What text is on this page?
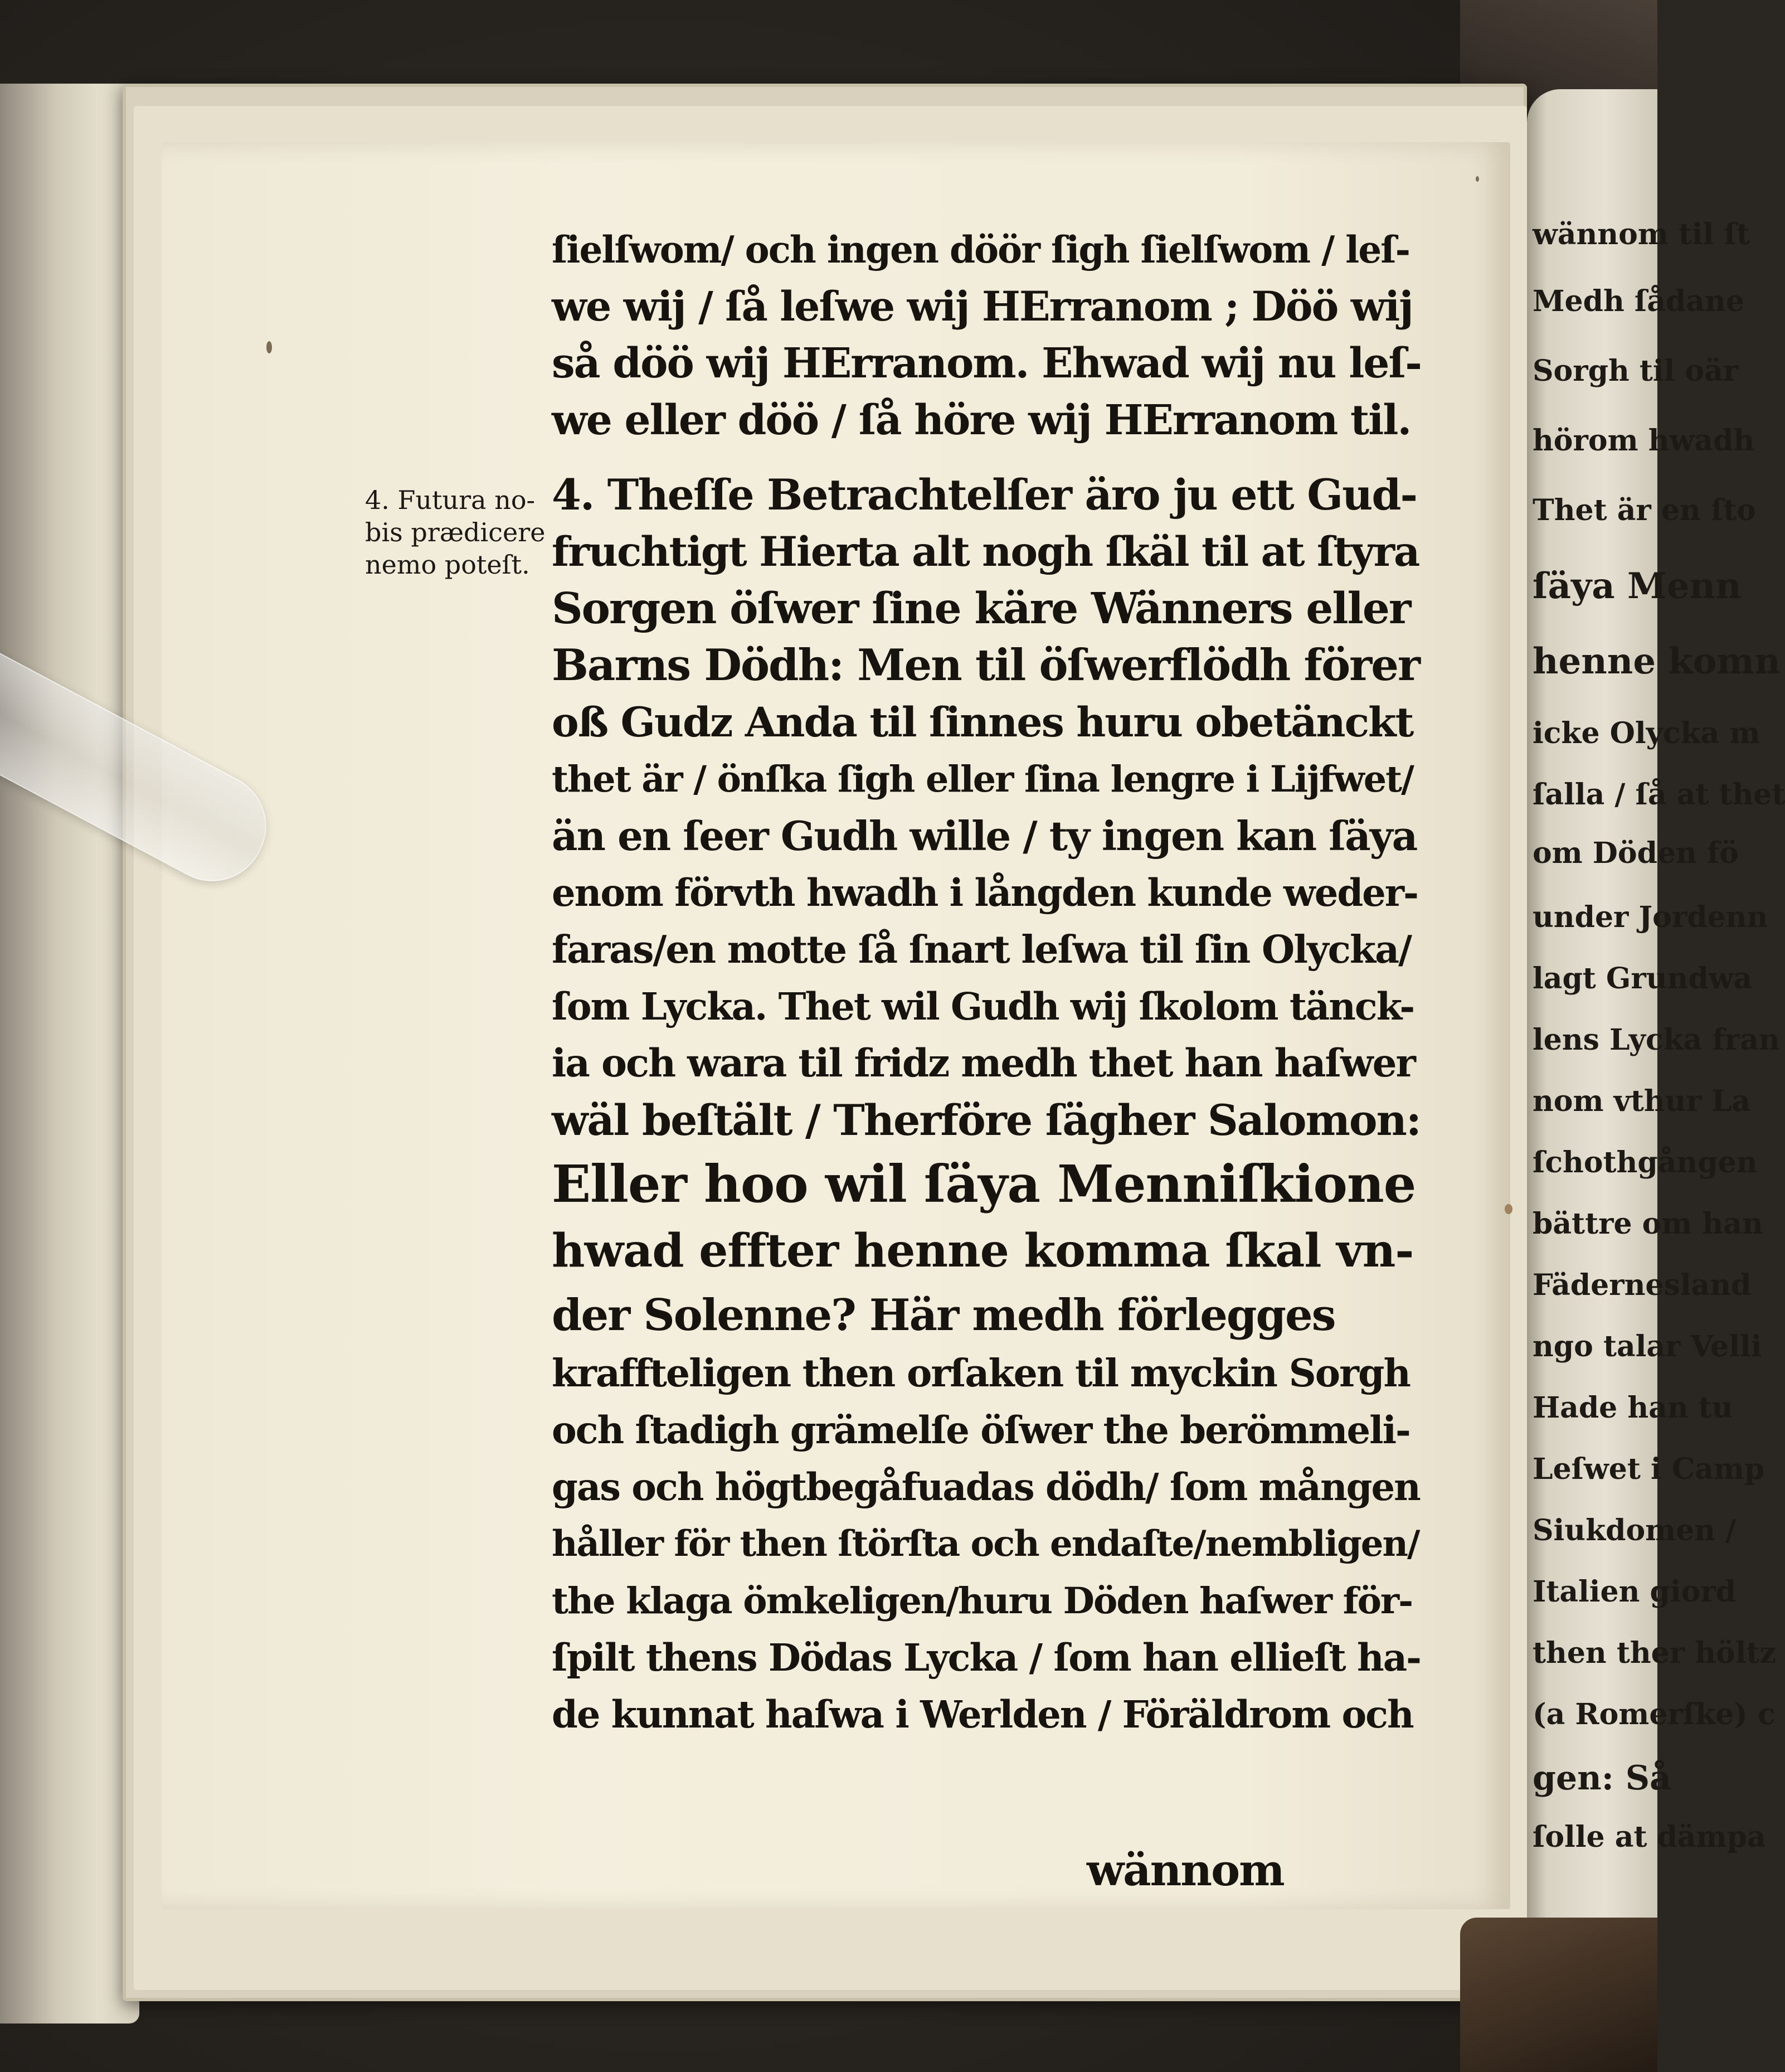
wännom til ſt
Medh ſådane
Sorgh til oär
hörom hwadh
Thet är en ſto
ſäya Menn
henne komn
icke Olycka m
ſalla / ſå at thet
om Döden fö
under Jordenn
lagt Grundwa
lens Lycka fran
nom vthur La
ſchothgången
bättre om han
Fädernesland
ngo talar Velli
Hade han tu
Leſwet i Camp
Siukdomen /
Italien giord
then ther höltz
(a Romerſke) c
gen: Så
ſolle at dämpa
4. Futura no-
bis prædicere
nemo poteſt.
ſielſwom/ och ingen döör ſigh ſielſwom / leſ-
we wij / ſå leſwe wij HErranom ; Döö wij
så döö wij HErranom. Ehwad wij nu leſ-
we eller döö / ſå höre wij HErranom til.
4. Theſſe Betrachtelſer äro ju ett Gud-
fruchtigt Hierta alt nogh ſkäl til at ſtyra
Sorgen öſwer ſine käre Wänners eller
Barns Dödh: Men til öſwerflödh förer
oß Gudz Anda til ſinnes huru obetänckt
thet är / önſka ſigh eller ſina lengre i Lijfwet/
än en ſeer Gudh wille / ty ingen kan ſäya
enom förvth hwadh i långden kunde weder-
faras/en motte ſå ſnart leſwa til ſin Olycka/
ſom Lycka. Thet wil Gudh wij ſkolom tänck-
ia och wara til fridz medh thet han haſwer
wäl beſtält / Therföre ſägher Salomon:
Eller hoo wil ſäya Menniſkione
hwad effter henne komma ſkal vn-
der Solenne? Här medh förlegges
kraffteligen then orſaken til myckin Sorgh
och ſtadigh grämelſe öſwer the berömmeli-
gas och högtbegåfuadas dödh/ ſom mången
håller för then ſtörſta och endaſte/nembligen/
the klaga ömkeligen/huru Döden haſwer för-
ſpilt thens Dödas Lycka / ſom han ellieſt ha-
de kunnat haſwa i Werlden / Föräldrom och
wännom
